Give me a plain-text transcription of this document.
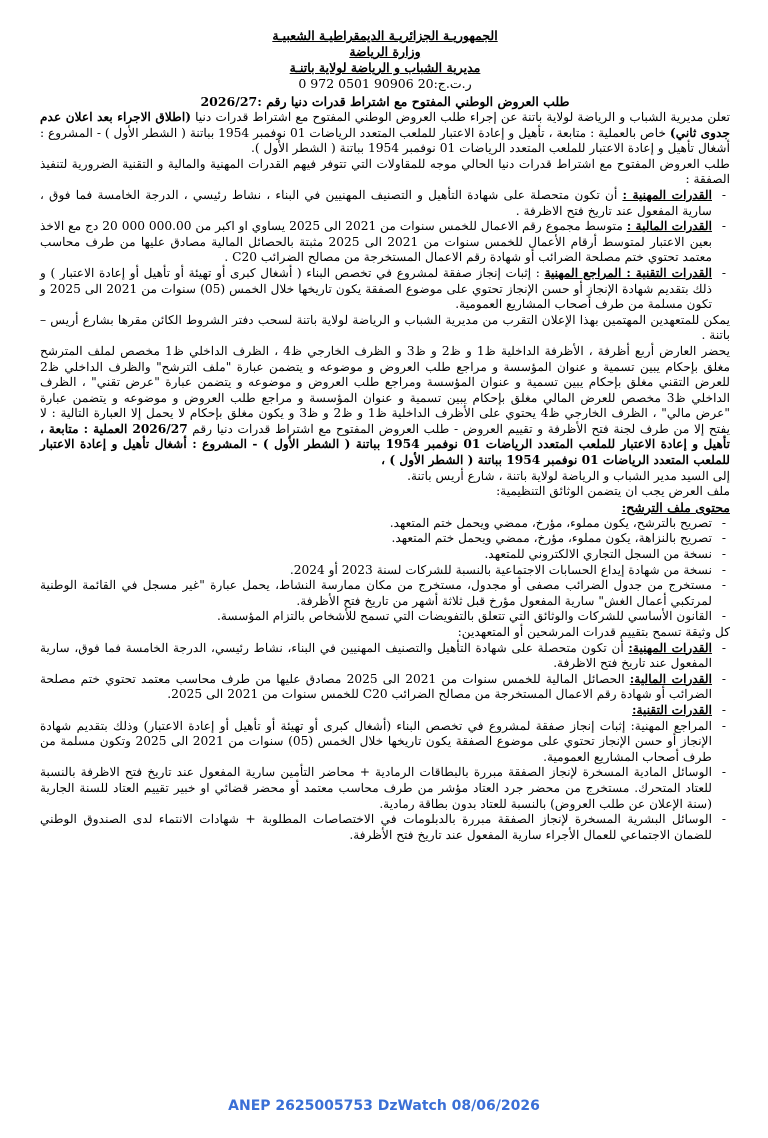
الجمهوريـة الجزائريـة الديمقراطيـة الشعبيـة
وزارة الرياضة
مديرية الشباب و الرياضة لولاية باتنـة
ر.ت.ج:20 90906 0501 972 0
طلب العروض الوطني المفتوح مع اشتراط قدرات دنيا رقم :2026/27

تعلن مديرية الشباب و الرياضة لولاية باتنة عن إجراء طلب العروض الوطني المفتوح مع اشتراط قدرات دنيا (اطلاق الاجراء بعد اعلان عدم جدوى ثاني) خاص بالعملية : متابعة ، تأهيل و إعادة الاعتبار للملعب المتعدد الرياضات 01 نوفمبر 1954 بباتنة ( الشطر الأول ) - المشروع : أشغال تأهيل و إعادة الاعتبار للملعب المتعدد الرياضات 01 نوفمبر 1954 بباتنة ( الشطر الأول ).

طلب العروض المفتوح مع اشتراط قدرات دنيا الحالي موجه للمقاولات التي تتوفر فيهم القدرات المهنية والمالية و التقنية الضرورية لتنفيذ الصفقة :

- القدرات المهنية : أن تكون متحصلة على شهادة التأهيل و التصنيف المهنيين في البناء ، نشاط رئيسي ، الدرجة الخامسة فما فوق ، سارية المفعول عند تاريخ فتح الاظرفة .
- القدرات المالية : متوسط مجموع رقم الاعمال للخمس سنوات من 2021 الى 2025 يساوي او اكبر من 000.00 000 20 دج مع الاخذ بعين الاعتبار لمتوسط أرقام الأعمال للخمس سنوات من 2021 الى 2025 مثبتة بالحصائل المالية مصادق عليها من طرف محاسب معتمد تحتوي ختم مصلحة الضرائب أو شهادة رقم الاعمال المستخرجة من مصالح الضرائب C20 .
- القدرات التقنية : المراجع المهنية : إثبات إنجاز صفقة لمشروع في تخصص البناء ( أشغال كبرى أو تهيئة أو تأهيل أو إعادة الاعتبار ) و ذلك بتقديم شهادة الإنجاز أو حسن الإنجاز تحتوي على موضوع الصفقة يكون تاريخها خلال الخمس (05) سنوات من 2021 الى 2025 و تكون مسلمة من طرف أصحاب المشاريع العمومية.

يمكن للمتعهدين المهتمين بهذا الإعلان التقرب من مديرية الشباب و الرياضة لولاية باتنة لسحب دفتر الشروط الكائن مقرها بشارع أريس – باتنة .

يحضر العارض أربع أظرفة ، الأظرفة الداخلية ظ1 و ظ2 و ظ3 و الظرف الخارجي ظ4 ، الظرف الداخلي ظ1 مخصص لملف المترشح مغلق بإحكام يبين تسمية و عنوان المؤسسة و مراجع طلب العروض و موضوعه و يتضمن عبارة "ملف الترشح" والظرف الداخلي ظ2 للعرض التقني مغلق بإحكام يبين تسمية و عنوان المؤسسة ومراجع طلب العروض و موضوعه و يتضمن عبارة "عرض تقني" ، الظرف الداخلي ظ3 مخصص للعرض المالي مغلق بإحكام يبين تسمية و عنوان المؤسسة و مراجع طلب العروض و موضوعه و يتضمن عبارة "عرض مالي" ، الظرف الخارجي ظ4 يحتوي على الأظرف الداخلية ظ1 و ظ2 و ظ3 و يكون مغلق بإحكام لا يحمل إلا العبارة التالية : لا يفتح إلا من طرف لجنة فتح الأظرفة و تقييم العروض - طلب العروض المفتوح مع اشتراط قدرات دنيا رقم 2026/27 العملية : متابعة ، تأهيل و إعادة الاعتبار للملعب المتعدد الرياضات 01 نوفمبر 1954 بباتنة ( الشطر الأول ) - المشروع : أشغال تأهيل و إعادة الاعتبار للملعب المتعدد الرياضات 01 نوفمبر 1954 بباتنة ( الشطر الأول ) ،

إلى السيد مدير الشباب و الرياضة لولاية باتنة ، شارع أريس باتنة.

ملف العرض يجب ان يتضمن الوثائق التنظيمية:

محتوى ملف الترشح:
- تصريح بالترشح، يكون مملوء، مؤرخ، ممضي ويحمل ختم المتعهد.
- تصريح بالنزاهة، يكون مملوء، مؤرخ، ممضي ويحمل ختم المتعهد.
- نسخة من السجل التجاري الالكتروني للمتعهد.
- نسخة من شهادة إيداع الحسابات الاجتماعية بالنسبة للشركات لسنة 2023 أو 2024.
- مستخرج من جدول الضرائب مصفى أو مجدول، مستخرج من مكان ممارسة النشاط، يحمل عبارة "غير مسجل في القائمة الوطنية لمرتكبي أعمال الغش" سارية المفعول مؤرخ قبل ثلاثة أشهر من تاريخ فتح الأظرفة.
- القانون الأساسي للشركات والوثائق التي تتعلق بالتفويضات التي تسمح للأشخاص بالتزام المؤسسة.

كل وثيقة تسمح بتقييم قدرات المرشحين أو المتعهدين:

- القدرات المهنية: أن تكون متحصلة على شهادة التأهيل والتصنيف المهنيين في البناء، نشاط رئيسي، الدرجة الخامسة فما فوق، سارية المفعول عند تاريخ فتح الاظرفة.
- القدرات المالية: الحصائل المالية للخمس سنوات من 2021 الى 2025 مصادق عليها من طرف محاسب معتمد تحتوي ختم مصلحة الضرائب أو شهادة رقم الاعمال المستخرجة من مصالح الضرائب C20 للخمس سنوات من 2021 الى 2025.
- القدرات التقنية:
- المراجع المهنية: إثبات إنجاز صفقة لمشروع في تخصص البناء (أشغال كبرى أو تهيئة أو تأهيل أو إعادة الاعتبار) وذلك بتقديم شهادة الإنجاز أو حسن الإنجاز تحتوي على موضوع الصفقة يكون تاريخها خلال الخمس (05) سنوات من 2021 الى 2025 وتكون مسلمة من طرف أصحاب المشاريع العمومية.
- الوسائل المادية المسخرة لإنجاز الصفقة مبررة بالبطاقات الرمادية + محاضر التأمين سارية المفعول عند تاريخ فتح الاظرفة بالنسبة للعتاد المتحرك. مستخرج من محضر جرد العتاد مؤشر من طرف محاسب معتمد أو محضر قضائي او خبير تقييم العتاد للسنة الجارية (سنة الإعلان عن طلب العروض) بالنسبة للعتاد بدون بطاقة رمادية.
- الوسائل البشرية المسخرة لإنجاز الصفقة مبررة بالدبلومات في الاختصاصات المطلوبة + شهادات الانتماء لدى الصندوق الوطني للضمان الاجتماعي للعمال الأجراء سارية المفعول عند تاريخ فتح الأظرفة.
ANEP 2625005753 DzWatch 08/06/2026
